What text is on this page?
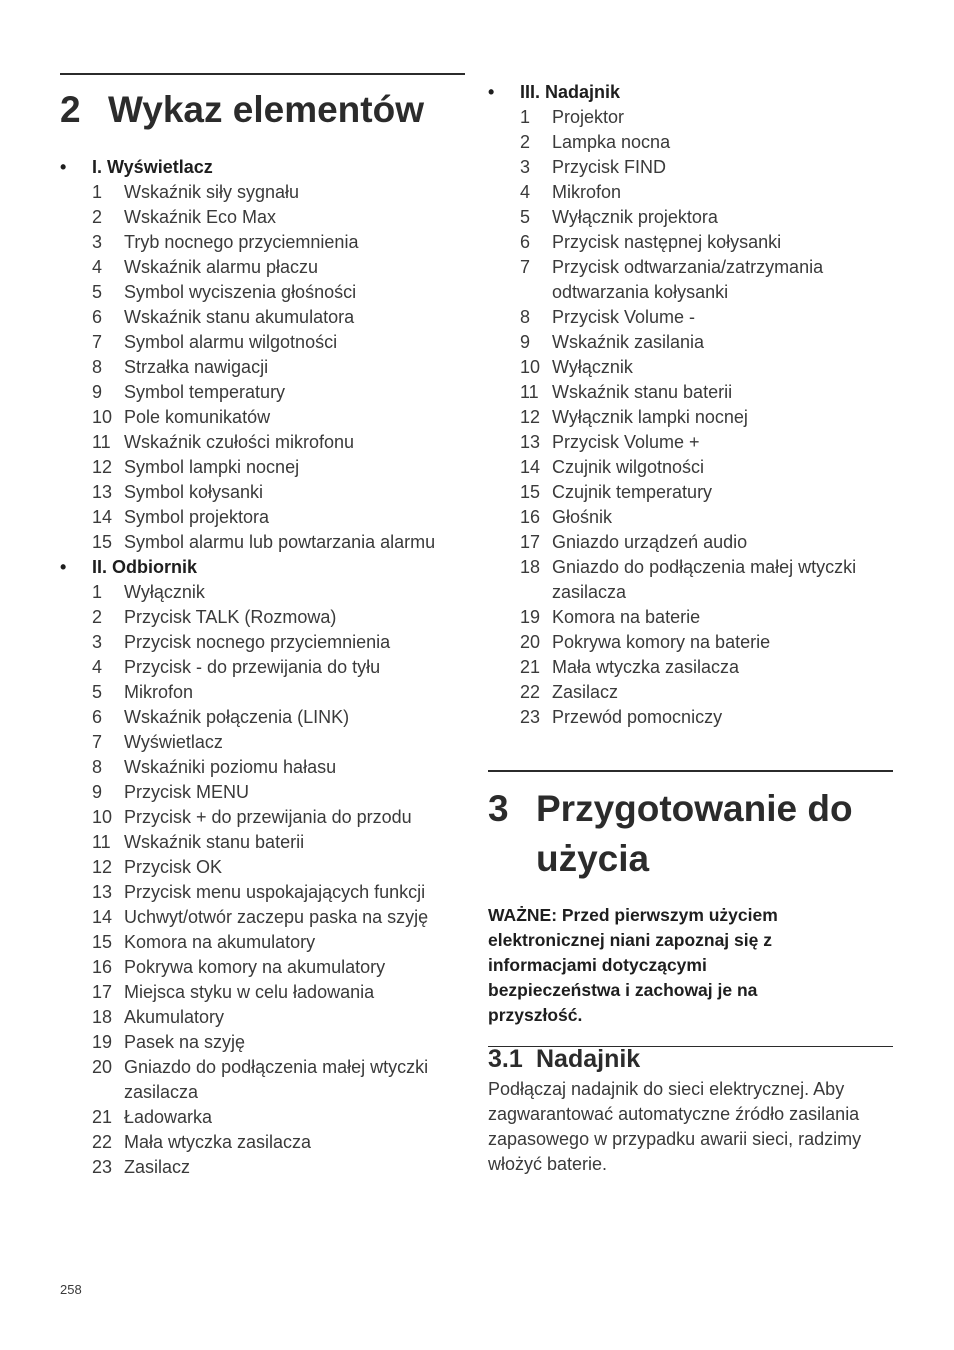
2 Wykaz elementów
•	I. Wyświetlacz
1	Wskaźnik siły sygnału
2	Wskaźnik Eco Max
3	Tryb nocnego przyciemnienia
4	Wskaźnik alarmu płaczu
5	Symbol wyciszenia głośności
6	Wskaźnik stanu akumulatora
7	Symbol alarmu wilgotności
8	Strzałka nawigacji
9	Symbol temperatury
10 Pole komunikatów
11 Wskaźnik czułości mikrofonu
12 Symbol lampki nocnej
13 Symbol kołysanki
14 Symbol projektora
15 Symbol alarmu lub powtarzania alarmu
•	II. Odbiornik
1	Wyłącznik
2	Przycisk TALK (Rozmowa)
3	Przycisk nocnego przyciemnienia
4	Przycisk - do przewijania do tyłu
5	Mikrofon
6	Wskaźnik połączenia (LINK)
7	Wyświetlacz
8	Wskaźniki poziomu hałasu
9	Przycisk MENU
10 Przycisk + do przewijania do przodu
11 Wskaźnik stanu baterii
12 Przycisk OK
13 Przycisk menu uspokajających funkcji
14 Uchwyt/otwór zaczepu paska na szyję
15 Komora na akumulatory
16 Pokrywa komory na akumulatory
17 Miejsca styku w celu ładowania
18 Akumulatory
19 Pasek na szyję
20 Gniazdo do podłączenia małej wtyczki zasilacza
21 Ładowarka
22 Mała wtyczka zasilacza
23 Zasilacz
•	III. Nadajnik
1	Projektor
2	Lampka nocna
3	Przycisk FIND
4	Mikrofon
5	Wyłącznik projektora
6	Przycisk następnej kołysanki
7	Przycisk odtwarzania/zatrzymania odtwarzania kołysanki
8	Przycisk Volume -
9	Wskaźnik zasilania
10 Wyłącznik
11 Wskaźnik stanu baterii
12 Wyłącznik lampki nocnej
13 Przycisk Volume +
14 Czujnik wilgotności
15 Czujnik temperatury
16 Głośnik
17 Gniazdo urządzeń audio
18 Gniazdo do podłączenia małej wtyczki zasilacza
19 Komora na baterie
20 Pokrywa komory na baterie
21 Mała wtyczka zasilacza
22 Zasilacz
23 Przewód pomocniczy
3 Przygotowanie do użycia
WAŻNE: Przed pierwszym użyciem elektronicznej niani zapoznaj się z informacjami dotyczącymi bezpieczeństwa i zachowaj je na przyszłość.
3.1 Nadajnik
Podłączaj nadajnik do sieci elektrycznej. Aby zagwarantować automatyczne źródło zasilania zapasowego w przypadku awarii sieci, radzimy włożyć baterie.
258
